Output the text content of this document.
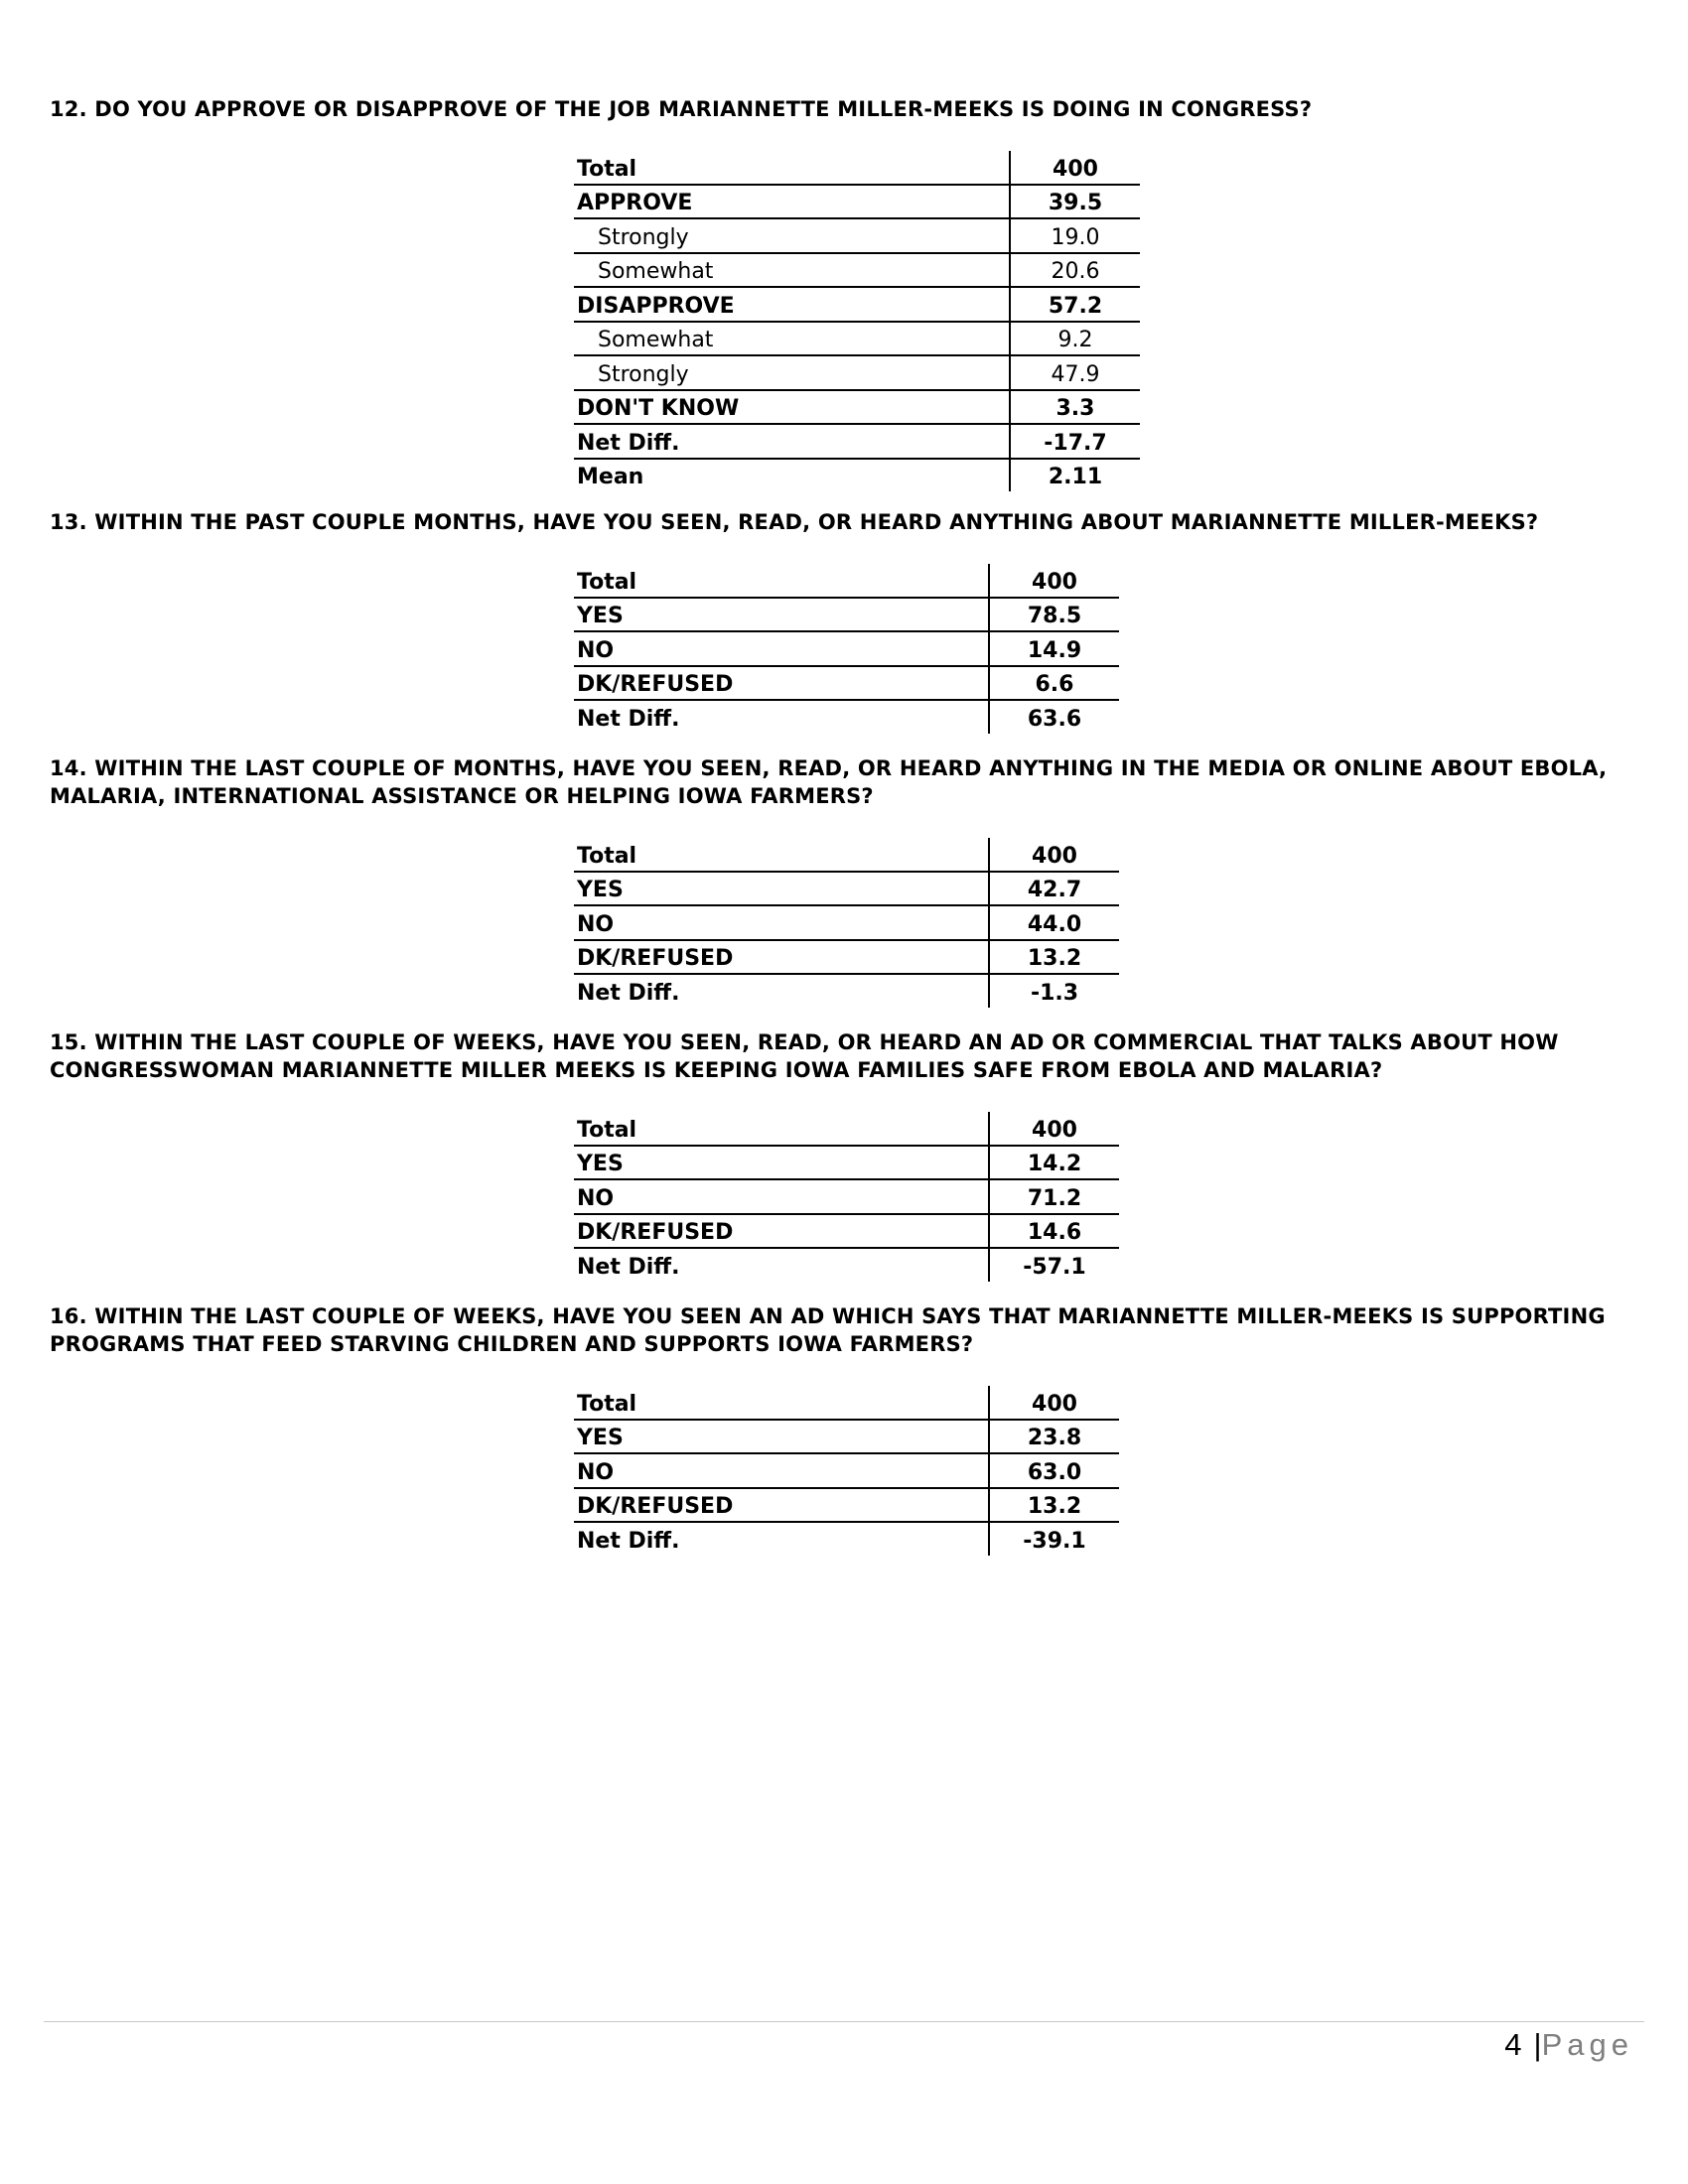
12. DO YOU APPROVE OR DISAPPROVE OF THE JOB MARIANNETTE MILLER-MEEKS IS DOING IN CONGRESS?

Total	400
APPROVE	39.5
Strongly	19.0
Somewhat	20.6
DISAPPROVE	57.2
Somewhat	9.2
Strongly	47.9
DON'T KNOW	3.3
Net Diff.	-17.7
Mean	2.11

13. WITHIN THE PAST COUPLE MONTHS, HAVE YOU SEEN, READ, OR HEARD ANYTHING ABOUT MARIANNETTE MILLER-MEEKS?

Total	400
YES	78.5
NO	14.9
DK/REFUSED	6.6
Net Diff.	63.6

14. WITHIN THE LAST COUPLE OF MONTHS, HAVE YOU SEEN, READ, OR HEARD ANYTHING IN THE MEDIA OR ONLINE ABOUT EBOLA, MALARIA, INTERNATIONAL ASSISTANCE OR HELPING IOWA FARMERS?

Total	400
YES	42.7
NO	44.0
DK/REFUSED	13.2
Net Diff.	-1.3

15. WITHIN THE LAST COUPLE OF WEEKS, HAVE YOU SEEN, READ, OR HEARD AN AD OR COMMERCIAL THAT TALKS ABOUT HOW CONGRESSWOMAN MARIANNETTE MILLER MEEKS IS KEEPING IOWA FAMILIES SAFE FROM EBOLA AND MALARIA?

Total	400
YES	14.2
NO	71.2
DK/REFUSED	14.6
Net Diff.	-57.1

16. WITHIN THE LAST COUPLE OF WEEKS, HAVE YOU SEEN AN AD WHICH SAYS THAT MARIANNETTE MILLER-MEEKS IS SUPPORTING PROGRAMS THAT FEED STARVING CHILDREN AND SUPPORTS IOWA FARMERS?

Total	400
YES	23.8
NO	63.0
DK/REFUSED	13.2
Net Diff.	-39.1
4 |Page
